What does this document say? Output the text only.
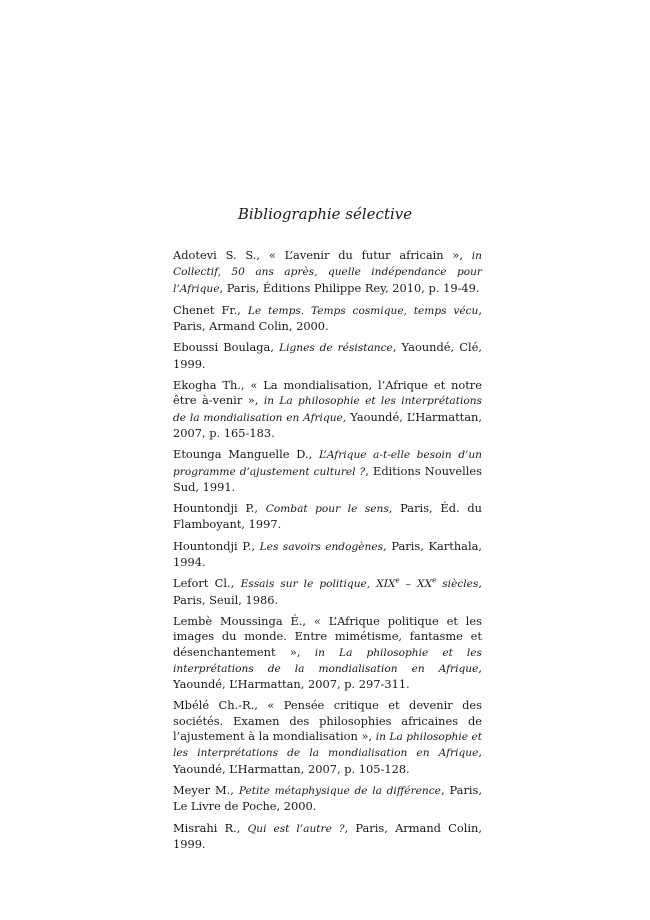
Bibliographie sélective

Adotevi S. S., « L’avenir du futur africain », in Collectif, 50 ans après, quelle indépendance pour l’Afrique, Paris, Éditions Philippe Rey, 2010, p. 19-49.

Chenet Fr., Le temps. Temps cosmique, temps vécu, Paris, Armand Colin, 2000.

Eboussi Boulaga, Lignes de résistance, Yaoundé, Clé, 1999.

Ekogha Th., « La mondialisation, l’Afrique et notre être à-venir », in La philosophie et les interprétations de la mondialisation en Afrique, Yaoundé, L’Harmattan, 2007, p. 165-183.

Etounga Manguelle D., L’Afrique a-t-elle besoin d’un programme d’ajustement culturel ?, Editions Nouvelles Sud, 1991.

Hountondji P., Combat pour le sens, Paris, Éd. du Flamboyant, 1997.

Hountondji P., Les savoirs endogènes, Paris, Karthala, 1994.

Lefort Cl., Essais sur le politique, XIXe – XXe siècles, Paris, Seuil, 1986.

Lembè Moussinga É., « L’Afrique politique et les images du monde. Entre mimétisme, fantasme et désenchantement », in La philosophie et les interprétations de la mondialisation en Afrique, Yaoundé, L’Harmattan, 2007, p. 297-311.

Mbélé Ch.-R., « Pensée critique et devenir des sociétés. Examen des philosophies africaines de l’ajustement à la mondialisation », in La philosophie et les interprétations de la mondialisation en Afrique, Yaoundé, L’Harmattan, 2007, p. 105-128.

Meyer M., Petite métaphysique de la différence, Paris, Le Livre de Poche, 2000.

Misrahi R., Qui est l’autre ?, Paris, Armand Colin, 1999.
